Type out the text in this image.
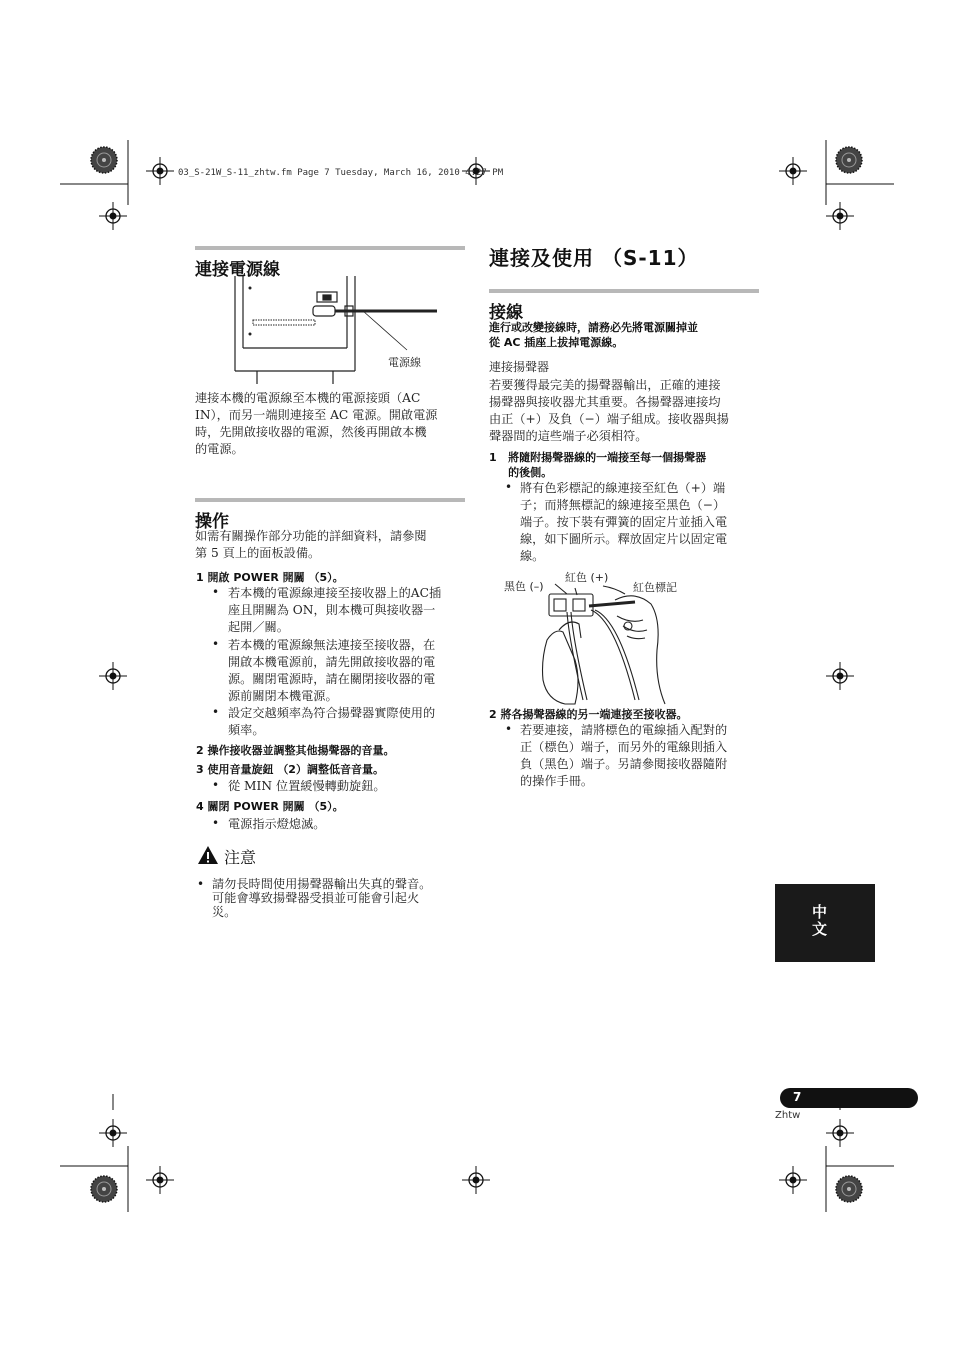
03_S-21W_S-11_zhtw.fm Page 7 Tuesday, March 16, 2010 4:27 PM
連接電源線
電源線
連接本機的電源線至本機的電源接頭（AC
IN），而另一端則連接至 AC 電源。開啟電源
時，先開啟接收器的電源，然後再開啟本機
的電源。
操作
如需有關操作部分功能的詳細資料，請參閱
第 5 頁上的面板設備。
1 開啟 POWER 開關 （5）。
• 若本機的電源線連接至接收器上的AC插
座且開關為 ON，則本機可與接收器一
起開／關。
• 若本機的電源線無法連接至接收器，在
開啟本機電源前，請先開啟接收器的電
源。關閉電源時，請在關閉接收器的電
源前關閉本機電源。
• 設定交越頻率為符合揚聲器實際使用的
頻率。
2 操作接收器並調整其他揚聲器的音量。
3 使用音量旋鈕 （2）調整低音音量。
• 從 MIN 位置緩慢轉動旋鈕。
4 關閉 POWER 開關 （5）。
• 電源指示燈熄滅。
注意
• 請勿長時間使用揚聲器輸出失真的聲音。
可能會導致揚聲器受損並可能會引起火
災。
連接及使用 （S-11）
接線
進行或改變接線時，請務必先將電源關掉並
從 AC 插座上拔掉電源線。
連接揚聲器
若要獲得最完美的揚聲器輸出，正確的連接
揚聲器與接收器尤其重要。各揚聲器連接均
由正（+）及負（−）端子組成。接收器與揚
聲器間的這些端子必須相符。
1   將隨附揚聲器線的一端接至每一個揚聲器
的後側。
• 將有色彩標記的線連接至紅色（+）端
子；而將無標記的線連接至黑色（−）
端子。按下裝有彈簧的固定片並插入電
線，如下圖所示。釋放固定片以固定電
線。
黑色 (–)
紅色 (+)
紅色標記
2 將各揚聲器線的另一端連接至接收器。
• 若要連接，請將標色的電線插入配對的
正（標色）端子，而另外的電線則插入
負（黑色）端子。另請參閱接收器隨附
的操作手冊。
中文
7
Zhtw
